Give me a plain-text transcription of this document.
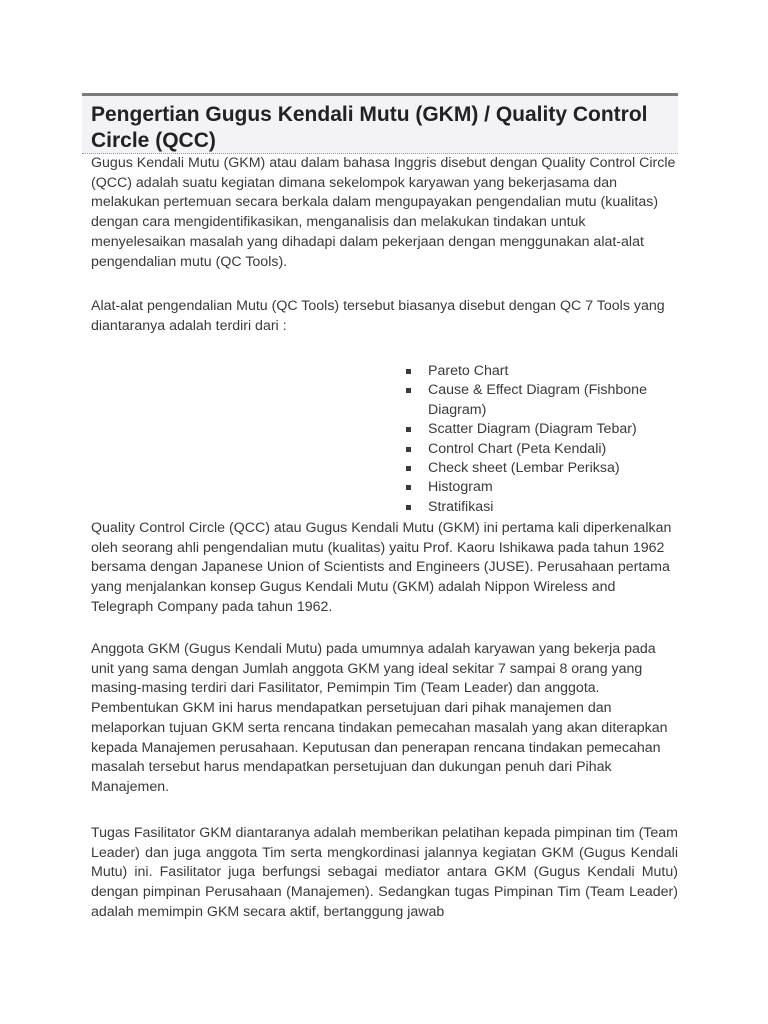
Pengertian Gugus Kendali Mutu (GKM) / Quality Control Circle (QCC)

Gugus Kendali Mutu (GKM) atau dalam bahasa Inggris disebut dengan Quality Control Circle (QCC) adalah suatu kegiatan dimana sekelompok karyawan yang bekerjasama dan melakukan pertemuan secara berkala dalam mengupayakan pengendalian mutu (kualitas) dengan cara mengidentifikasikan, menganalisis dan melakukan tindakan untuk menyelesaikan masalah yang dihadapi dalam pekerjaan dengan menggunakan alat-alat pengendalian mutu (QC Tools).

Alat-alat pengendalian Mutu (QC Tools) tersebut biasanya disebut dengan QC 7 Tools yang diantaranya adalah terdiri dari :

Pareto Chart
Cause & Effect Diagram (Fishbone Diagram)
Scatter Diagram (Diagram Tebar)
Control Chart (Peta Kendali)
Check sheet (Lembar Periksa)
Histogram
Stratifikasi

Quality Control Circle (QCC) atau Gugus Kendali Mutu (GKM) ini pertama kali diperkenalkan oleh seorang ahli pengendalian mutu (kualitas) yaitu Prof. Kaoru Ishikawa pada tahun 1962 bersama dengan Japanese Union of Scientists and Engineers (JUSE). Perusahaan pertama yang menjalankan konsep Gugus Kendali Mutu (GKM) adalah Nippon Wireless and Telegraph Company pada tahun 1962.

Anggota GKM (Gugus Kendali Mutu) pada umumnya adalah karyawan yang bekerja pada unit yang sama dengan Jumlah anggota GKM yang ideal sekitar 7 sampai 8 orang yang masing-masing terdiri dari Fasilitator, Pemimpin Tim (Team Leader) dan anggota. Pembentukan GKM ini harus mendapatkan persetujuan dari pihak manajemen dan melaporkan tujuan GKM serta rencana tindakan pemecahan masalah yang akan diterapkan kepada Manajemen perusahaan. Keputusan dan penerapan rencana tindakan pemecahan masalah tersebut harus mendapatkan persetujuan dan dukungan penuh dari Pihak Manajemen.

Tugas Fasilitator GKM diantaranya adalah memberikan pelatihan kepada pimpinan tim (Team Leader) dan juga anggota Tim serta mengkordinasi jalannya kegiatan GKM (Gugus Kendali Mutu) ini. Fasilitator juga berfungsi sebagai mediator antara GKM (Gugus Kendali Mutu) dengan pimpinan Perusahaan (Manajemen). Sedangkan tugas Pimpinan Tim (Team Leader) adalah memimpin GKM secara aktif, bertanggung jawab
